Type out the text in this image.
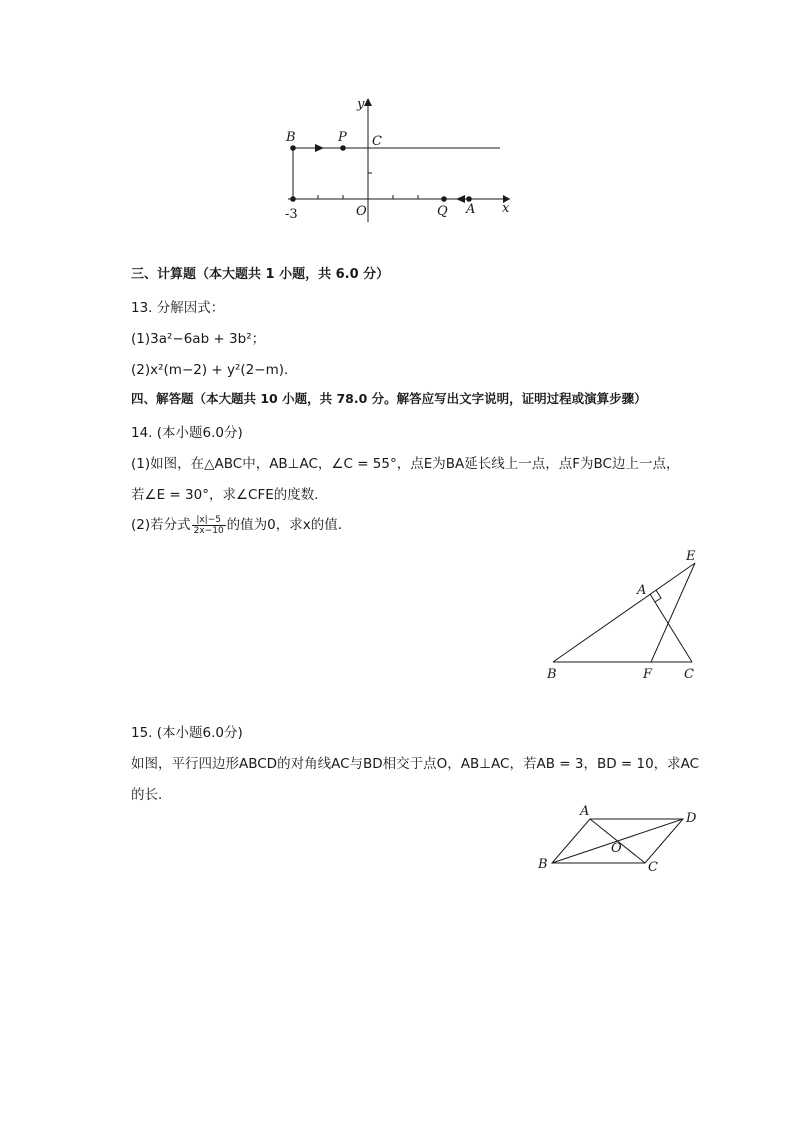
y
x
B	P C
O	Q A
-3
三、计算题（本大题共 1 小题，共 6.0 分）
13. 分解因式：
(1)3a²−6ab + 3b²；
(2)x²(m−2) + y²(2−m)．
四、解答题（本大题共 10 小题，共 78.0 分。解答应写出文字说明，证明过程或演算步骤）
14. (本小题6.0分)
(1)如图，在△ABC中，AB⊥AC，∠C = 55°，点E为BA延长线上一点，点F为BC边上一点，
若∠E = 30°，求∠CFE的度数．
(2)若分式 $\frac{|x|-5}{2x-10}$ 的值为0，求x的值．
E
A
B	F C
15. (本小题6.0分)
如图，平行四边形ABCD的对角线AC与BD相交于点O，AB⊥AC，若AB = 3，BD = 10，求AC
的长．
A	D
O
B	C
